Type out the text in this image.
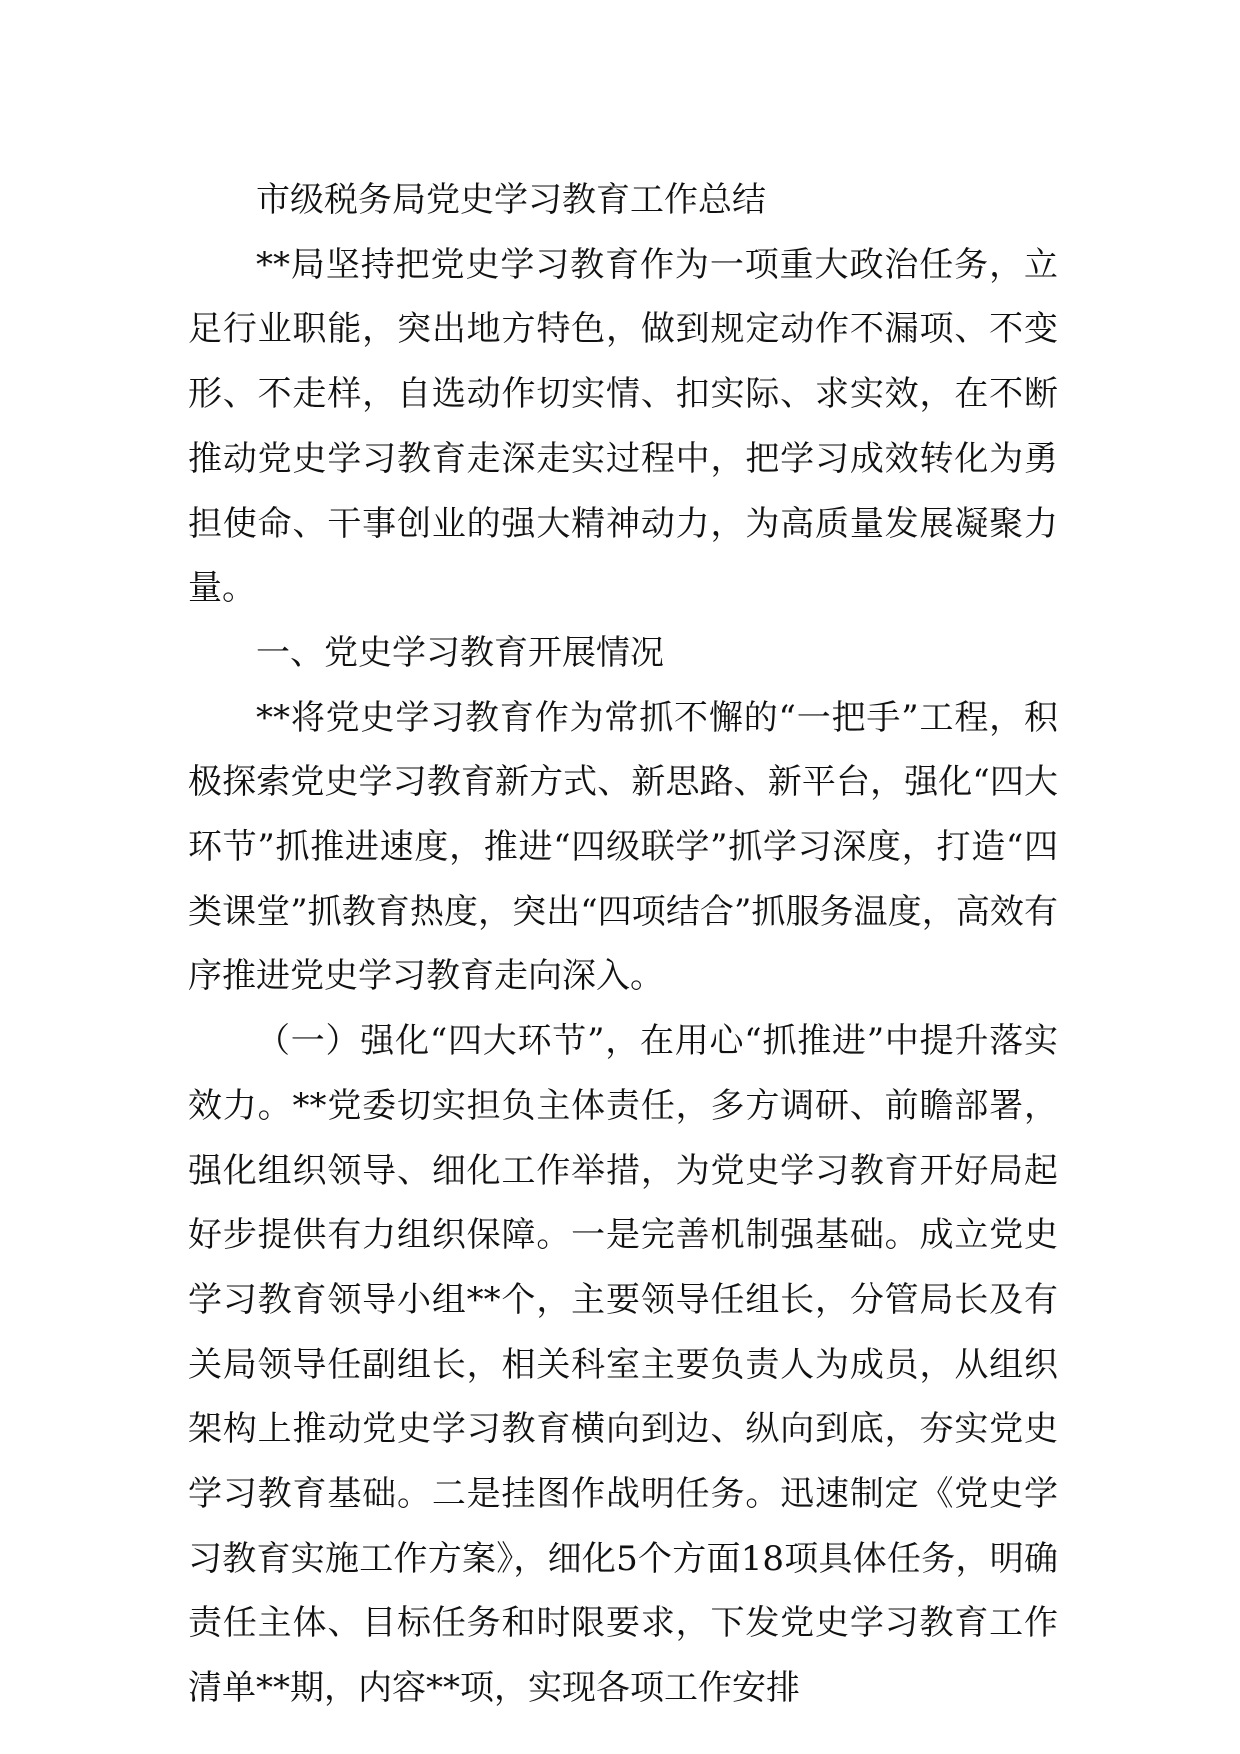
市级税务局党史学习教育工作总结

**局坚持把党史学习教育作为一项重大政治任务，立足行业职能，突出地方特色，做到规定动作不漏项、不变形、不走样，自选动作切实情、扣实际、求实效，在不断推动党史学习教育走深走实过程中，把学习成效转化为勇担使命、干事创业的强大精神动力，为高质量发展凝聚力量。

一、党史学习教育开展情况

**将党史学习教育作为常抓不懈的“一把手”工程，积极探索党史学习教育新方式、新思路、新平台，强化“四大环节”抓推进速度，推进“四级联学”抓学习深度，打造“四类课堂”抓教育热度，突出“四项结合”抓服务温度，高效有序推进党史学习教育走向深入。

（一）强化“四大环节”，在用心“抓推进”中提升落实效力。**党委切实担负主体责任，多方调研、前瞻部署，强化组织领导、细化工作举措，为党史学习教育开好局起好步提供有力组织保障。一是完善机制强基础。成立党史学习教育领导小组**个，主要领导任组长，分管局长及有关局领导任副组长，相关科室主要负责人为成员，从组织架构上推动党史学习教育横向到边、纵向到底，夯实党史学习教育基础。二是挂图作战明任务。迅速制定《党史学习教育实施工作方案》，细化5个方面18项具体任务，明确责任主体、目标任务和时限要求，下发党史学习教育工作清单**期，内容**项，实现各项工作安排
